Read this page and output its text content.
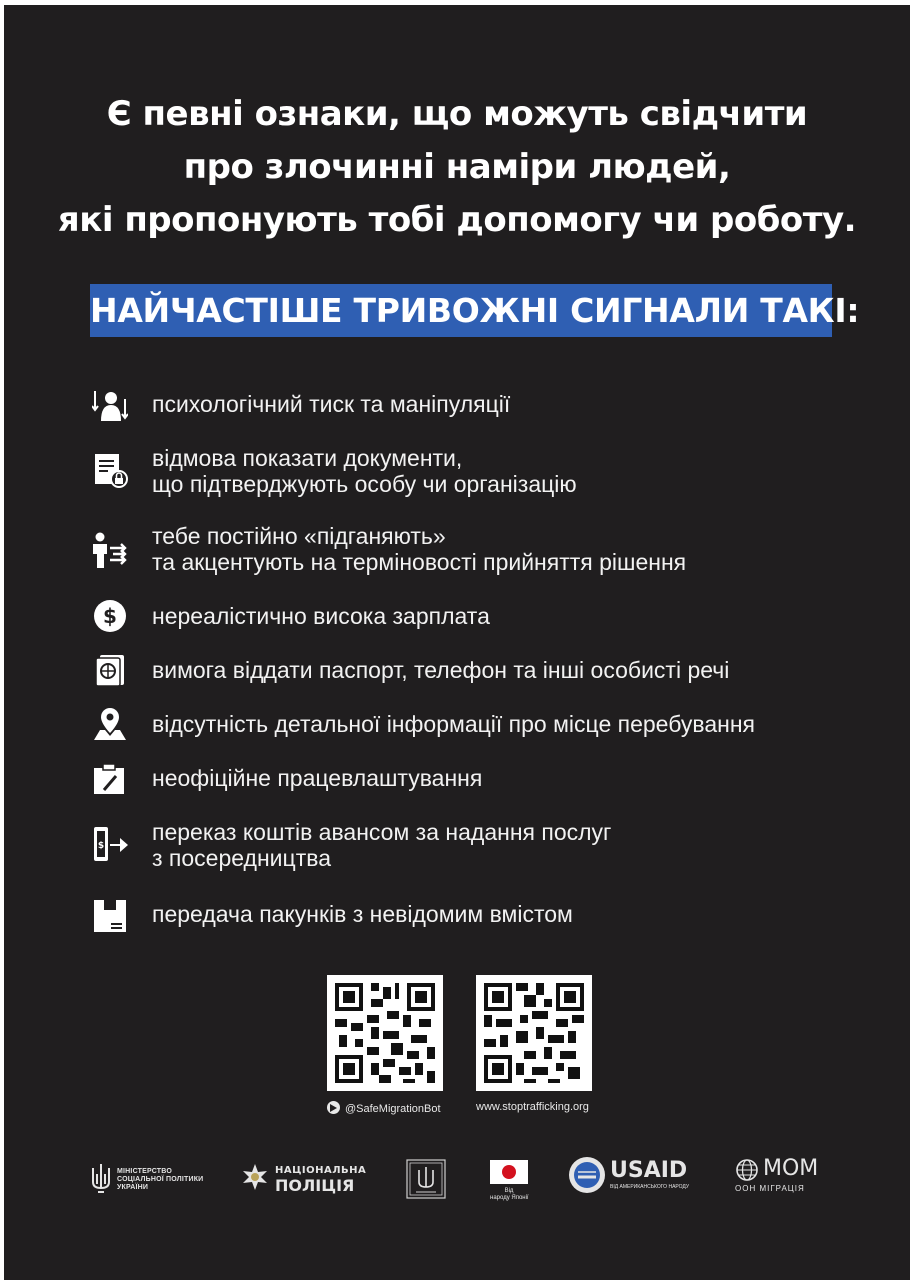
Є певні ознаки, що можуть свідчити
про злочинні наміри людей,
які пропонують тобі допомогу чи роботу.
НАЙЧАСТІШЕ ТРИВОЖНІ СИГНАЛИ ТАКІ:
психологічний тиск та маніпуляції
відмова показати документи,
що підтверджують особу чи організацію
тебе постійно «підганяють»
та акцентують на терміновості прийняття рішення
$ нереалістично висока зарплата
вимога віддати паспорт, телефон та інші особисті речі
відсутність детальної інформації про місце перебування
неофіційне працевлаштування
$
переказ коштів авансом за надання послуг
з посередництва
передача пакунків з невідомим вмістом
@SafeMigrationBot	www.stoptrafficking.org
МІНІСТЕРСТВО
СОЦІАЛЬНОЇ ПОЛІТИКИ
УКРАЇНИ
НАЦІОНАЛЬНА
ПОЛІЦІЯ	Від
народу Японії
USAID
ВІД АМЕРИКАНСЬКОГО НАРОДУ
МОМ
ООН МІГРАЦІЯ
